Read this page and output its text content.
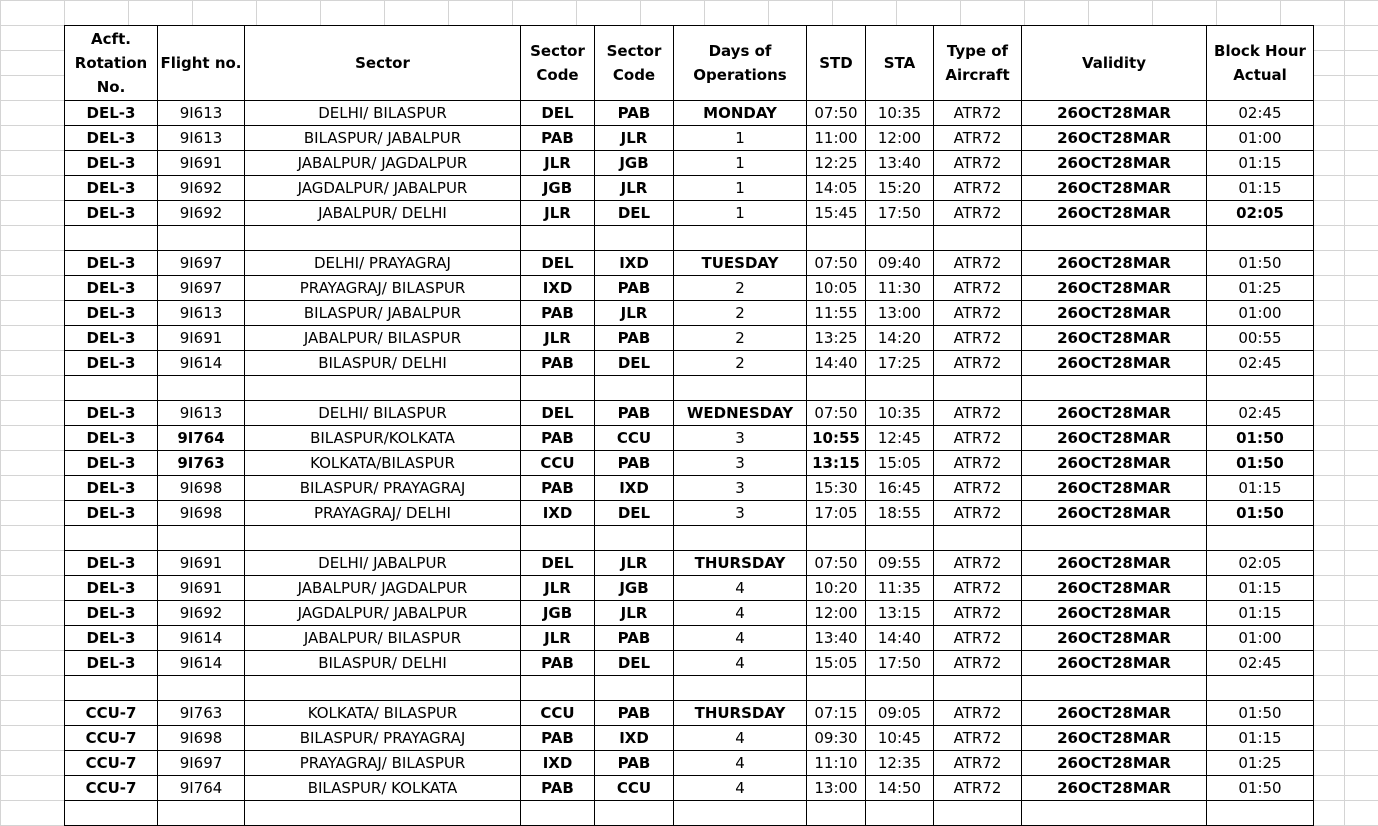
Acft. Rotation No.	Flight no.	Sector	Sector Code	Sector Code	Days of Operations	STD	STA	Type of Aircraft	Validity	Block Hour Actual
DEL-3	9I613	DELHI/ BILASPUR	DEL	PAB	MONDAY	07:50	10:35	ATR72	26OCT28MAR	02:45
DEL-3	9I613	BILASPUR/ JABALPUR	PAB	JLR	1	11:00	12:00	ATR72	26OCT28MAR	01:00
DEL-3	9I691	JABALPUR/ JAGDALPUR	JLR	JGB	1	12:25	13:40	ATR72	26OCT28MAR	01:15
DEL-3	9I692	JAGDALPUR/ JABALPUR	JGB	JLR	1	14:05	15:20	ATR72	26OCT28MAR	01:15
DEL-3	9I692	JABALPUR/ DELHI	JLR	DEL	1	15:45	17:50	ATR72	26OCT28MAR	02:05

DEL-3	9I697	DELHI/ PRAYAGRAJ	DEL	IXD	TUESDAY	07:50	09:40	ATR72	26OCT28MAR	01:50
DEL-3	9I697	PRAYAGRAJ/ BILASPUR	IXD	PAB	2	10:05	11:30	ATR72	26OCT28MAR	01:25
DEL-3	9I613	BILASPUR/ JABALPUR	PAB	JLR	2	11:55	13:00	ATR72	26OCT28MAR	01:00
DEL-3	9I691	JABALPUR/ BILASPUR	JLR	PAB	2	13:25	14:20	ATR72	26OCT28MAR	00:55
DEL-3	9I614	BILASPUR/ DELHI	PAB	DEL	2	14:40	17:25	ATR72	26OCT28MAR	02:45

DEL-3	9I613	DELHI/ BILASPUR	DEL	PAB	WEDNESDAY	07:50	10:35	ATR72	26OCT28MAR	02:45
DEL-3	9I764	BILASPUR/KOLKATA	PAB	CCU	3	10:55	12:45	ATR72	26OCT28MAR	01:50
DEL-3	9I763	KOLKATA/BILASPUR	CCU	PAB	3	13:15	15:05	ATR72	26OCT28MAR	01:50
DEL-3	9I698	BILASPUR/ PRAYAGRAJ	PAB	IXD	3	15:30	16:45	ATR72	26OCT28MAR	01:15
DEL-3	9I698	PRAYAGRAJ/ DELHI	IXD	DEL	3	17:05	18:55	ATR72	26OCT28MAR	01:50

DEL-3	9I691	DELHI/ JABALPUR	DEL	JLR	THURSDAY	07:50	09:55	ATR72	26OCT28MAR	02:05
DEL-3	9I691	JABALPUR/ JAGDALPUR	JLR	JGB	4	10:20	11:35	ATR72	26OCT28MAR	01:15
DEL-3	9I692	JAGDALPUR/ JABALPUR	JGB	JLR	4	12:00	13:15	ATR72	26OCT28MAR	01:15
DEL-3	9I614	JABALPUR/ BILASPUR	JLR	PAB	4	13:40	14:40	ATR72	26OCT28MAR	01:00
DEL-3	9I614	BILASPUR/ DELHI	PAB	DEL	4	15:05	17:50	ATR72	26OCT28MAR	02:45

CCU-7	9I763	KOLKATA/ BILASPUR	CCU	PAB	THURSDAY	07:15	09:05	ATR72	26OCT28MAR	01:50
CCU-7	9I698	BILASPUR/ PRAYAGRAJ	PAB	IXD	4	09:30	10:45	ATR72	26OCT28MAR	01:15
CCU-7	9I697	PRAYAGRAJ/ BILASPUR	IXD	PAB	4	11:10	12:35	ATR72	26OCT28MAR	01:25
CCU-7	9I764	BILASPUR/ KOLKATA	PAB	CCU	4	13:00	14:50	ATR72	26OCT28MAR	01:50
